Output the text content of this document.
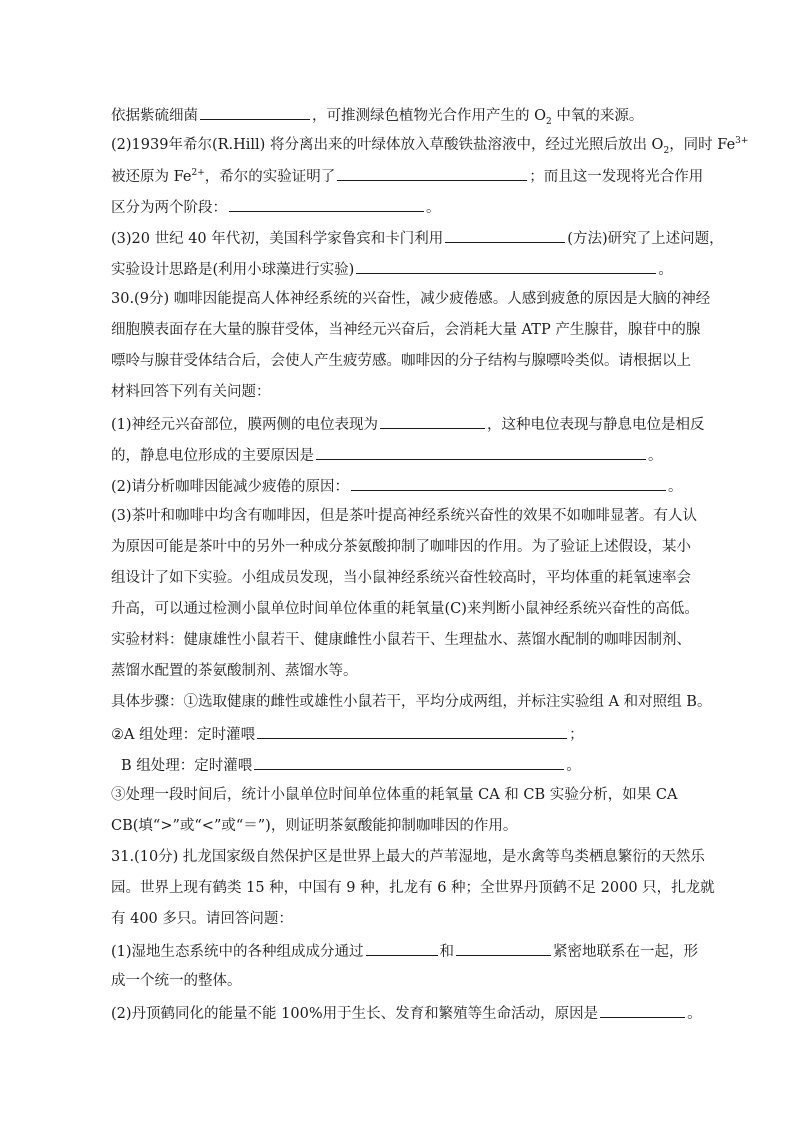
依据紫硫细菌	，可推测绿色植物光合作用产生的 $O_2$ 中氧的来源。
(2)1939年希尔(R.Hill) 将分离出来的叶绿体放入草酸铁盐溶液中，经过光照后放出 $O_2$，同时 $Fe^{3+}$
被还原为 $Fe^{2+}$，希尔的实验证明了	；而且这一发现将光合作用
区分为两个阶段：	。
(3)20 世纪 40 年代初，美国科学家鲁宾和卡门利用	(方法)研究了上述问题，
实验设计思路是(利用小球藻进行实验)	。
30.(9分) 咖啡因能提高人体神经系统的兴奋性，减少疲倦感。人感到疲惫的原因是大脑的神经
细胞膜表面存在大量的腺苷受体，当神经元兴奋后，会消耗大量 ATP 产生腺苷，腺苷中的腺
嘌呤与腺苷受体结合后，会使人产生疲劳感。咖啡因的分子结构与腺嘌呤类似。请根据以上
材料回答下列有关问题：
(1)神经元兴奋部位，膜两侧的电位表现为	，这种电位表现与静息电位是相反
的，静息电位形成的主要原因是	。
(2)请分析咖啡因能减少疲倦的原因：	。
(3)茶叶和咖啡中均含有咖啡因，但是茶叶提高神经系统兴奋性的效果不如咖啡显著。有人认
为原因可能是茶叶中的另外一种成分茶氨酸抑制了咖啡因的作用。为了验证上述假设，某小
组设计了如下实验。小组成员发现，当小鼠神经系统兴奋性较高时，平均体重的耗氧速率会
升高，可以通过检测小鼠单位时间单位体重的耗氧量(C)来判断小鼠神经系统兴奋性的高低。
实验材料：健康雄性小鼠若干、健康雌性小鼠若干、生理盐水、蒸馏水配制的咖啡因制剂、
蒸馏水配置的茶氨酸制剂、蒸馏水等。
具体步骤：①选取健康的雌性或雄性小鼠若干，平均分成两组，并标注实验组 A 和对照组 B。
②A 组处理：定时灌喂	；
B 组处理：定时灌喂	。
③处理一段时间后，统计小鼠单位时间单位体重的耗氧量 CA 和 CB 实验分析，如果 CA
CB(填“>”或“<”或“＝”)，则证明茶氨酸能抑制咖啡因的作用。
31.(10分) 扎龙国家级自然保护区是世界上最大的芦苇湿地，是水禽等鸟类栖息繁衍的天然乐
园。世界上现有鹤类 15 种，中国有 9 种，扎龙有 6 种；全世界丹顶鹤不足 2000 只，扎龙就
有 400 多只。请回答问题：
(1)湿地生态系统中的各种组成成分通过	和	紧密地联系在一起，形
成一个统一的整体。
(2)丹顶鹤同化的能量不能 100%用于生长、发育和繁殖等生命活动，原因是	。
